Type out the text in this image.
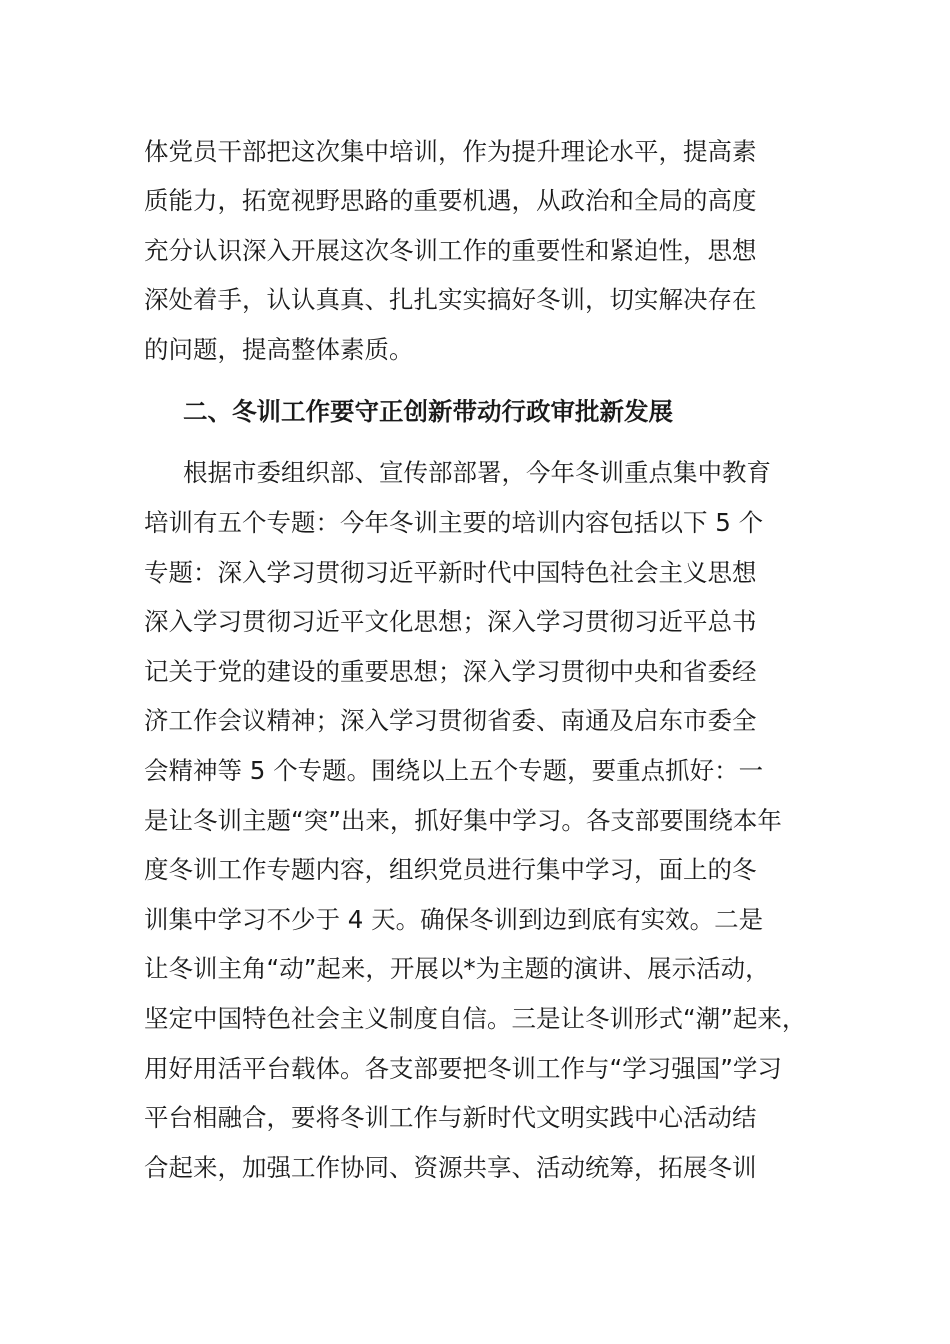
体党员干部把这次集中培训，作为提升理论水平，提高素
质能力，拓宽视野思路的重要机遇，从政治和全局的高度
充分认识深入开展这次冬训工作的重要性和紧迫性，思想
深处着手，认认真真、扎扎实实搞好冬训，切实解决存在
的问题，提高整体素质。
二、冬训工作要守正创新带动行政审批新发展
根据市委组织部、宣传部部署，今年冬训重点集中教育
培训有五个专题：今年冬训主要的培训内容包括以下 5 个
专题：深入学习贯彻习近平新时代中国特色社会主义思想
深入学习贯彻习近平文化思想；深入学习贯彻习近平总书
记关于党的建设的重要思想；深入学习贯彻中央和省委经
济工作会议精神；深入学习贯彻省委、南通及启东市委全
会精神等 5 个专题。围绕以上五个专题，要重点抓好：一
是让冬训主题“突”出来，抓好集中学习。各支部要围绕本年
度冬训工作专题内容，组织党员进行集中学习，面上的冬
训集中学习不少于 4 天。确保冬训到边到底有实效。二是
让冬训主角“动”起来，开展以*为主题的演讲、展示活动，
坚定中国特色社会主义制度自信。三是让冬训形式“潮”起来，
用好用活平台载体。各支部要把冬训工作与“学习强国”学习
平台相融合，要将冬训工作与新时代文明实践中心活动结
合起来，加强工作协同、资源共享、活动统筹，拓展冬训
